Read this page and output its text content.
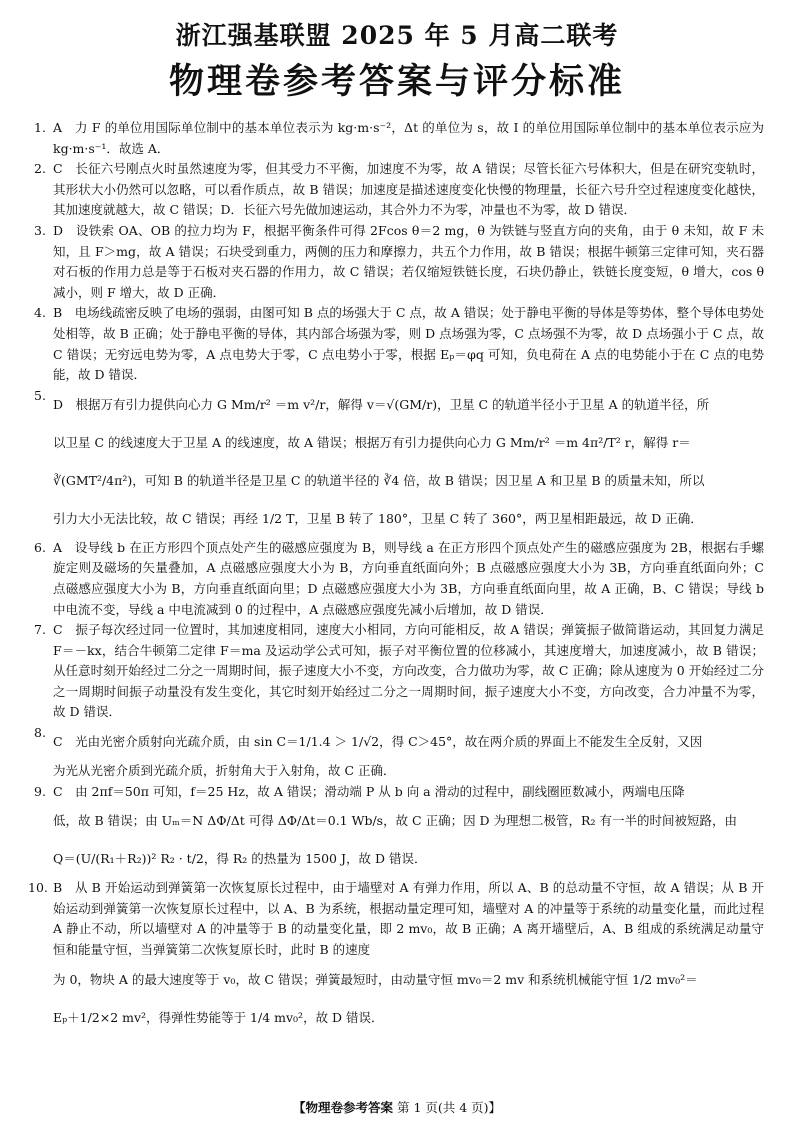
浙江强基联盟 2025 年 5 月高二联考
物理卷参考答案与评分标准
1. A　力 F 的单位用国际单位制中的基本单位表示为 kg·m·s⁻²，Δt 的单位为 s，故 I 的单位用国际单位制中的基本单位表示应为 kg·m·s⁻¹．故选 A．

2. C　长征六号刚点火时虽然速度为零，但其受力不平衡，加速度不为零，故 A 错误；尽管长征六号体积大，但是在研究变轨时，其形状大小仍然可以忽略，可以看作质点，故 B 错误；加速度是描述速度变化快慢的物理量，长征六号升空过程速度变化越快，其加速度就越大，故 C 错误；D．长征六号先做加速运动，其合外力不为零，冲量也不为零，故 D 错误．

3. D　设铁索 OA、OB 的拉力均为 F，根据平衡条件可得 2Fcos θ＝2 mg，θ 为铁链与竖直方向的夹角，由于 θ 未知，故 F 未知，且 F＞mg，故 A 错误；石块受到重力，两侧的压力和摩擦力，共五个力作用，故 B 错误；根据牛顿第三定律可知，夹石器对石板的作用力总是等于石板对夹石器的作用力，故 C 错误；若仅缩短铁链长度，石块仍静止，铁链长度变短，θ 增大，cos θ 减小，则 F 增大，故 D 正确．

4. B　电场线疏密反映了电场的强弱，由图可知 B 点的场强大于 C 点，故 A 错误；处于静电平衡的导体是等势体，整个导体电势处处相等，故 B 正确；处于静电平衡的导体，其内部合场强为零，则 D 点场强为零，C 点场强不为零，故 D 点场强小于 C 点，故 C 错误；无穷远电势为零，A 点电势大于零，C 点电势小于零，根据 Eₚ＝φq 可知，负电荷在 A 点的电势能小于在 C 点的电势能，故 D 错误．

5.

D　根据万有引力提供向心力 G Mm/r² ＝m v²/r，解得 v＝√(GM/r)，卫星 C 的轨道半径小于卫星 A 的轨道半径，所

以卫星 C 的线速度大于卫星 A 的线速度，故 A 错误；根据万有引力提供向心力 G Mm/r² ＝m 4π²/T² r，解得 r＝

∛(GMT²/4π²)，可知 B 的轨道半径是卫星 C 的轨道半径的 ∛4 倍，故 B 错误；因卫星 A 和卫星 B 的质量未知，所以

引力大小无法比较，故 C 错误；再经 1/2 T，卫星 B 转了 180°，卫星 C 转了 360°，两卫星相距最远，故 D 正确．

6. A　设导线 b 在正方形四个顶点处产生的磁感应强度为 B，则导线 a 在正方形四个顶点处产生的磁感应强度为 2B，根据右手螺旋定则及磁场的矢量叠加，A 点磁感应强度大小为 B，方向垂直纸面向外；B 点磁感应强度大小为 3B，方向垂直纸面向外；C 点磁感应强度大小为 B，方向垂直纸面向里；D 点磁感应强度大小为 3B，方向垂直纸面向里，故 A 正确，B、C 错误；导线 b 中电流不变，导线 a 中电流减到 0 的过程中，A 点磁感应强度先减小后增加，故 D 错误．

7. C　振子每次经过同一位置时，其加速度相同，速度大小相同，方向可能相反，故 A 错误；弹簧振子做简谐运动，其回复力满足 F＝－kx，结合牛顿第二定律 F＝ma 及运动学公式可知，振子对平衡位置的位移减小，其速度增大，加速度减小，故 B 错误；从任意时刻开始经过二分之一周期时间，振子速度大小不变，方向改变，合力做功为零，故 C 正确；除从速度为 0 开始经过二分之一周期时间振子动量没有发生变化，其它时刻开始经过二分之一周期时间，振子速度大小不变，方向改变，合力冲量不为零，故 D 错误．

8.

C　光由光密介质射向光疏介质，由 sin C＝1/1.4 ＞ 1/√2，得 C＞45°，故在两介质的界面上不能发生全反射，又因

为光从光密介质到光疏介质，折射角大于入射角，故 C 正确．

9. C　由 2πf＝50π 可知，f＝25 Hz，故 A 错误；滑动端 P 从 b 向 a 滑动的过程中，副线圈匝数减小，两端电压降

低，故 B 错误；由 Uₘ＝N ΔΦ/Δt 可得 ΔΦ/Δt＝0.1 Wb/s，故 C 正确；因 D 为理想二极管，R₂ 有一半的时间被短路，由

Q＝(U/(R₁＋R₂))² R₂ · t/2，得 R₂ 的热量为 1500 J，故 D 错误．

10. B　从 B 开始运动到弹簧第一次恢复原长过程中，由于墙壁对 A 有弹力作用，所以 A、B 的总动量不守恒，故 A 错误；从 B 开始运动到弹簧第一次恢复原长过程中，以 A、B 为系统，根据动量定理可知，墙壁对 A 的冲量等于系统的动量变化量，而此过程 A 静止不动，所以墙壁对 A 的冲量等于 B 的动量变化量，即 2 mv₀，故 B 正确；A 离开墙壁后，A、B 组成的系统满足动量守恒和能量守恒，当弹簧第二次恢复原长时，此时 B 的速度

为 0，物块 A 的最大速度等于 v₀，故 C 错误；弹簧最短时，由动量守恒 mv₀＝2 mv 和系统机械能守恒 1/2 mv₀²＝

Eₚ＋1/2×2 mv²，得弹性势能等于 1/4 mv₀²，故 D 错误．

【物理卷参考答案 第 1 页(共 4 页)】
